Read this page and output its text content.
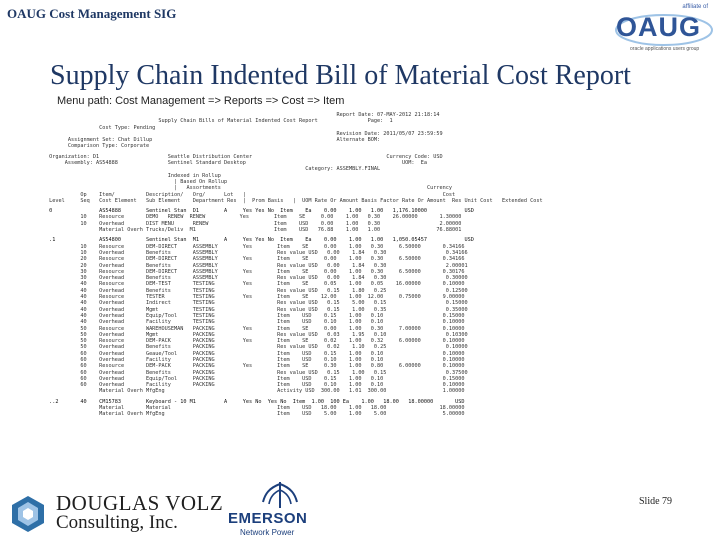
OAUG Cost Management SIG	affiliate of
OAUG
oracle applications users group
Supply Chain Indented Bill of Material Cost Report
Menu path: Cost Management => Reports => Cost => Item
Report Date: 07-MAY-2012 21:18:14
Supply Chain Bills of Material Indented Cost Report                Page:  1
Cost Type: Pending
Revision Date: 2011/05/07 23:59:59
Assignment Set: Chat Dillup                                                           Alternate BOM:
Comparison Type: Corporate
Organization: D1                      Seattle Distribution Center                                           Currency Code: USD
Assembly: AS54888                Sentinel Standard Desktop                                                  UOM:  Ea
Category: ASSEMBLY.FINAL
Indexed in Rollup
| Based On Rollup
|   Assortments                                                                  Currency
Op    Item/          Description/   Org/      Lot   |                                                               Cost
Level     Seq   Cost Element   Sub Element    Department Res  |  Prom Basis   |  UOM Rate Or Amount Basis Factor Rate Or Amount  Res Unit Cost   Extended Cost
0               AS54888        Sentinel Stan  D1        A     Yes Yes No  Item    Ea    0.00    1.00   1.00   1,176.10000            USD
10    Resource       DEMO   RENEW  RENEW           Yes        Item    SE     0.00    1.00   0.30    26.00000       1.30000
10    Overhead       DIST MENU      RENEW                     Item    USD    0.00    1.00   0.30                   2.00000
Material Overh Trucks/Deliv  M1                         Item    USD   76.88    1.00   1.00                  76.88001
.1              AS54800        Sentinel Stan  M1        A     Yes Yes No  Item    Ea    0.00    1.00   1.00   1,050.05457            USD
10    Resource       DEM-DIRECT     ASSEMBLY        Yes        Item    SE     0.00    1.00   0.30     6.50000       0.34166
10    Overhead       Benefits       ASSEMBLY                   Res value USD   0.00    1.84   0.30                   0.34166
20    Resource       DEM-DIRECT     ASSEMBLY        Yes        Item    SE     0.00    1.00   0.30     6.50000       0.34166
20    Overhead       Benefits       ASSEMBLY                   Res value USD   0.00    1.84   0.30                   2.00001
30    Resource       DEM-DIRECT     ASSEMBLY        Yes        Item    SE     0.00    1.00   0.30     6.50000       0.30176
30    Overhead       Benefits       ASSEMBLY                   Res value USD   0.00    1.84   0.30                   0.30000
40    Resource       DEM-TEST       TESTING         Yes        Item    SE     0.05    1.00   0.05    16.00000       0.10000
40    Overhead       Benefits       TESTING                    Res value USD   0.15    1.80   0.25                   0.12500
40    Resource       TESTER         TESTING         Yes        Item    SE    12.00    1.00  12.00     0.75000       9.00000
40    Overhead       Indirect       TESTING                    Res value USD   0.15    5.00   0.15                   0.15000
40    Overhead       Mgmt           TESTING                    Res value USD   0.15    1.00   0.35                   0.35000
40    Overhead       Equip/Tool     TESTING                    Item    USD    0.15    1.00   0.10                   0.15000
40    Overhead       Facility       TESTING                    Item    USD    0.10    1.00   0.10                   0.10000
50    Resource       WAREHOUSEMAN   PACKING         Yes        Item    SE     0.00    1.00   0.30     7.00000       0.10000
50    Overhead       Mgmt           PACKING                    Res value USD   0.03    1.95   0.10                   0.10300
50    Resource       DEM-PACK       PACKING         Yes        Item    SE     0.02    1.00   0.32     6.00000       0.10000
50    Overhead       Benefits       PACKING                    Res value USD   0.02    1.10   0.25                   0.10000
60    Overhead       Geaue/Tool     PACKING                    Item    USD    0.15    1.00   0.10                   0.10000
60    Overhead       Facility       PACKING                    Item    USD    0.10    1.00   0.10                   0.10000
60    Resource       DEM-PACK       PACKING         Yes        Item    SE     0.30    1.00   0.80     6.00000       0.10000
60    Overhead       Benefits       PACKING                    Res value USD   0.15    1.00   0.15                   0.37500
60    Overhead       Equip/Tool     PACKING                    Item    USD    0.15    1.00   0.10                   0.15000
60    Overhead       Facility       PACKING                    Item    USD    0.10    1.00   0.10                   0.10000
Material Overh MfgEng                                    Activity USD  300.00   1.01  300.00                  1.00000
..2       40    CM15783        Keyboard - 10 M1         A     Yes No  Yes No  Item  1.00  100 Ea    1.00   18.00   18.00000       USD
Material       Material                                  Item    USD   18.00    1.00   18.00                 18.00000
Material Overh MfgEng                                    Item    USD    5.00    1.00    5.00                  5.00000
DOUGLAS VOLZ
Consulting, Inc.	EMERSON
Network Power
Slide 79
